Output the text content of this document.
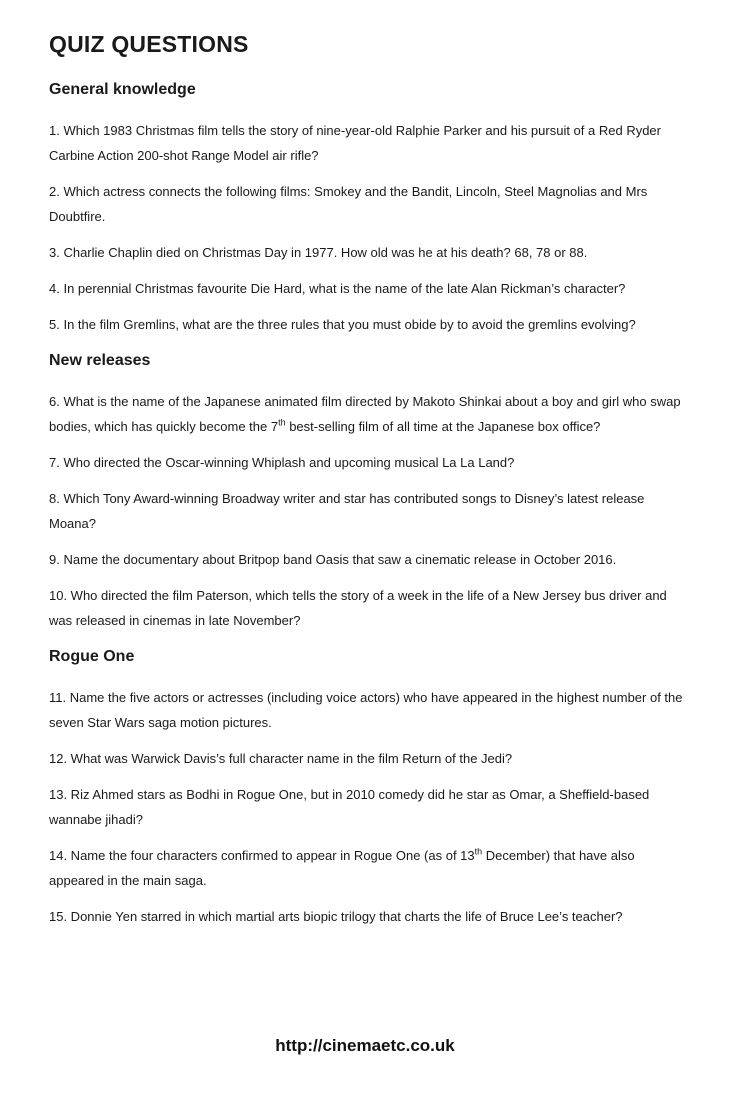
QUIZ QUESTIONS
General knowledge

1. Which 1983 Christmas film tells the story of nine-year-old Ralphie Parker and his pursuit of a Red Ryder Carbine Action 200-shot Range Model air rifle?

2. Which actress connects the following films: Smokey and the Bandit, Lincoln, Steel Magnolias and Mrs Doubtfire.

3. Charlie Chaplin died on Christmas Day in 1977. How old was he at his death? 68, 78 or 88.

4. In perennial Christmas favourite Die Hard, what is the name of the late Alan Rickman’s character?

5. In the film Gremlins, what are the three rules that you must obide by to avoid the gremlins evolving?

New releases

6. What is the name of the Japanese animated film directed by Makoto Shinkai about a boy and girl who swap bodies, which has quickly become the 7th best-selling film of all time at the Japanese box office?

7. Who directed the Oscar-winning Whiplash and upcoming musical La La Land?

8. Which Tony Award-winning Broadway writer and star has contributed songs to Disney’s latest release Moana?

9. Name the documentary about Britpop band Oasis that saw a cinematic release in October 2016.

10. Who directed the film Paterson, which tells the story of a week in the life of a New Jersey bus driver and was released in cinemas in late November?

Rogue One

11. Name the five actors or actresses (including voice actors) who have appeared in the highest number of the seven Star Wars saga motion pictures.

12. What was Warwick Davis’s full character name in the film Return of the Jedi?

13. Riz Ahmed stars as Bodhi in Rogue One, but in 2010 comedy did he star as Omar, a Sheffield-based wannabe jihadi?

14. Name the four characters confirmed to appear in Rogue One (as of 13th December) that have also appeared in the main saga.

15. Donnie Yen starred in which martial arts biopic trilogy that charts the life of Bruce Lee’s teacher?

http://cinemaetc.co.uk
